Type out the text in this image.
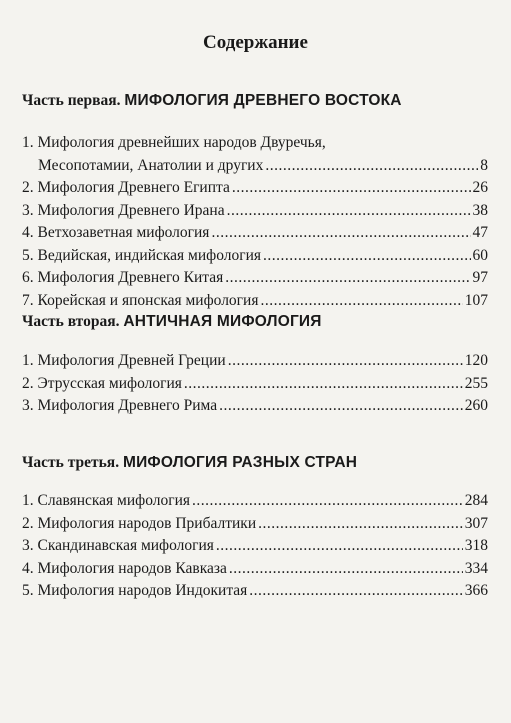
Содержание
Часть первая. МИФОЛОГИЯ ДРЕВНЕГО ВОСТОКА
1. Мифология древнейших народов Двуречья,
Месопотамии, Анатолии и других .....	8
2. Мифология Древнего Египта .....	26
3. Мифология Древнего Ирана .....	38
4. Ветхозаветная мифология .....	47
5. Ведийская, индийская мифология .....	60
6. Мифология Древнего Китая .....	97
7. Корейская и японская мифология .....	107
Часть вторая. АНТИЧНАЯ МИФОЛОГИЯ
1. Мифология Древней Греции .....	120
2. Этрусская мифология .....	255
3. Мифология Древнего Рима .....	260
Часть третья. МИФОЛОГИЯ РАЗНЫХ СТРАН
1. Славянская мифология .....	284
2. Мифология народов Прибалтики .....	307
3. Скандинавская мифология .....	318
4. Мифология народов Кавказа .....	334
5. Мифология народов Индокитая .....	366
